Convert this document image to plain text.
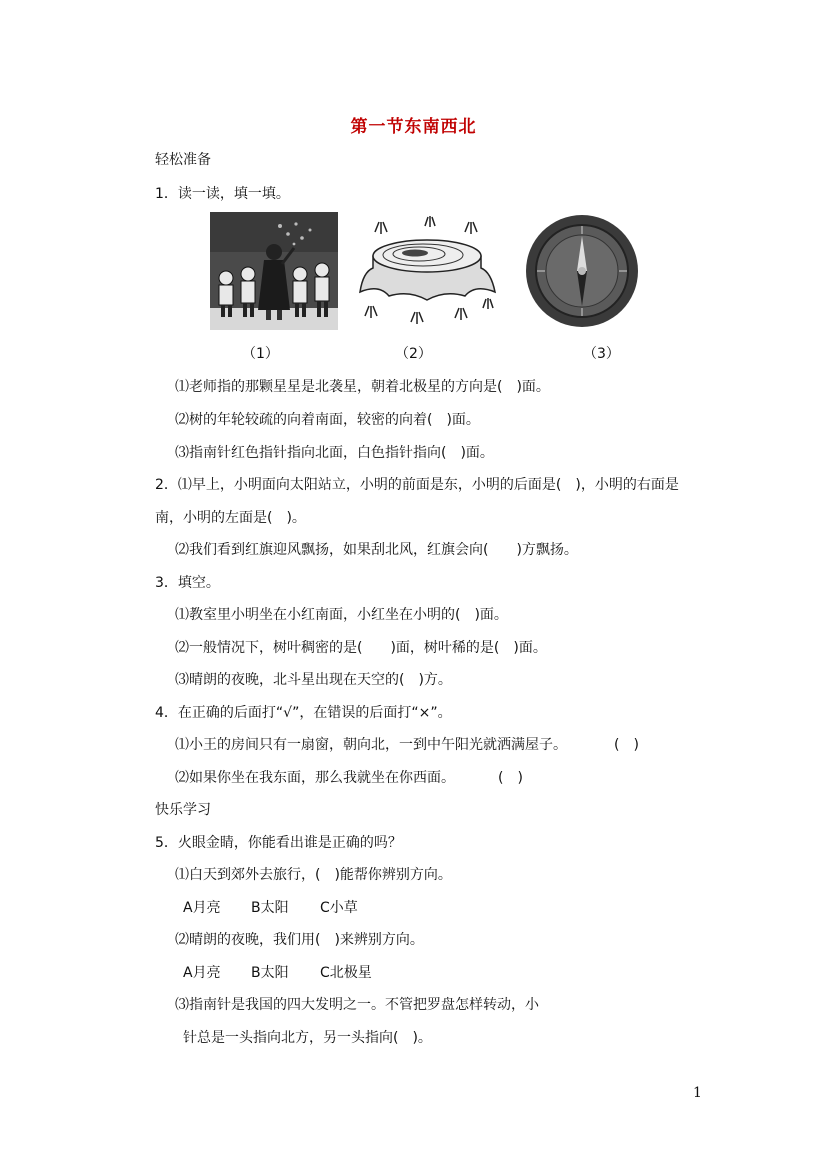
第一节东南西北
轻松准备
1．读一读，填一填。
（1）	（2）	（3）
⑴老师指的那颗星星是北袭星，朝着北极星的方向是(　)面。
⑵树的年轮较疏的向着南面，较密的向着(　)面。
⑶指南针红色指针指向北面，白色指针指向(　)面。
2．⑴早上，小明面向太阳站立，小明的前面是东，小明的后面是(　)，小明的右面是
南，小明的左面是(　)。
⑵我们看到红旗迎风飘扬，如果刮北风，红旗会向(　　)方飘扬。
3．填空。
⑴教室里小明坐在小红南面，小红坐在小明的(　)面。
⑵一般情况下，树叶稠密的是(　　)面，树叶稀的是(　)面。
⑶晴朗的夜晚，北斗星出现在天空的(　)方。
4．在正确的后面打“√”，在错误的后面打“×”。
⑴小王的房间只有一扇窗，朝向北，一到中午阳光就洒满屋子。	(　)
⑵如果你坐在我东面，那么我就坐在你西面。	(　)
快乐学习
5．火眼金睛，你能看出谁是正确的吗？
⑴白天到郊外去旅行，(　)能帮你辨别方向。
A月亮 B太阳 C小草
⑵晴朗的夜晚，我们用(　)来辨别方向。
A月亮 B太阳 C北极星
⑶指南针是我国的四大发明之一。不管把罗盘怎样转动，小
针总是一头指向北方，另一头指向(　)。
1
